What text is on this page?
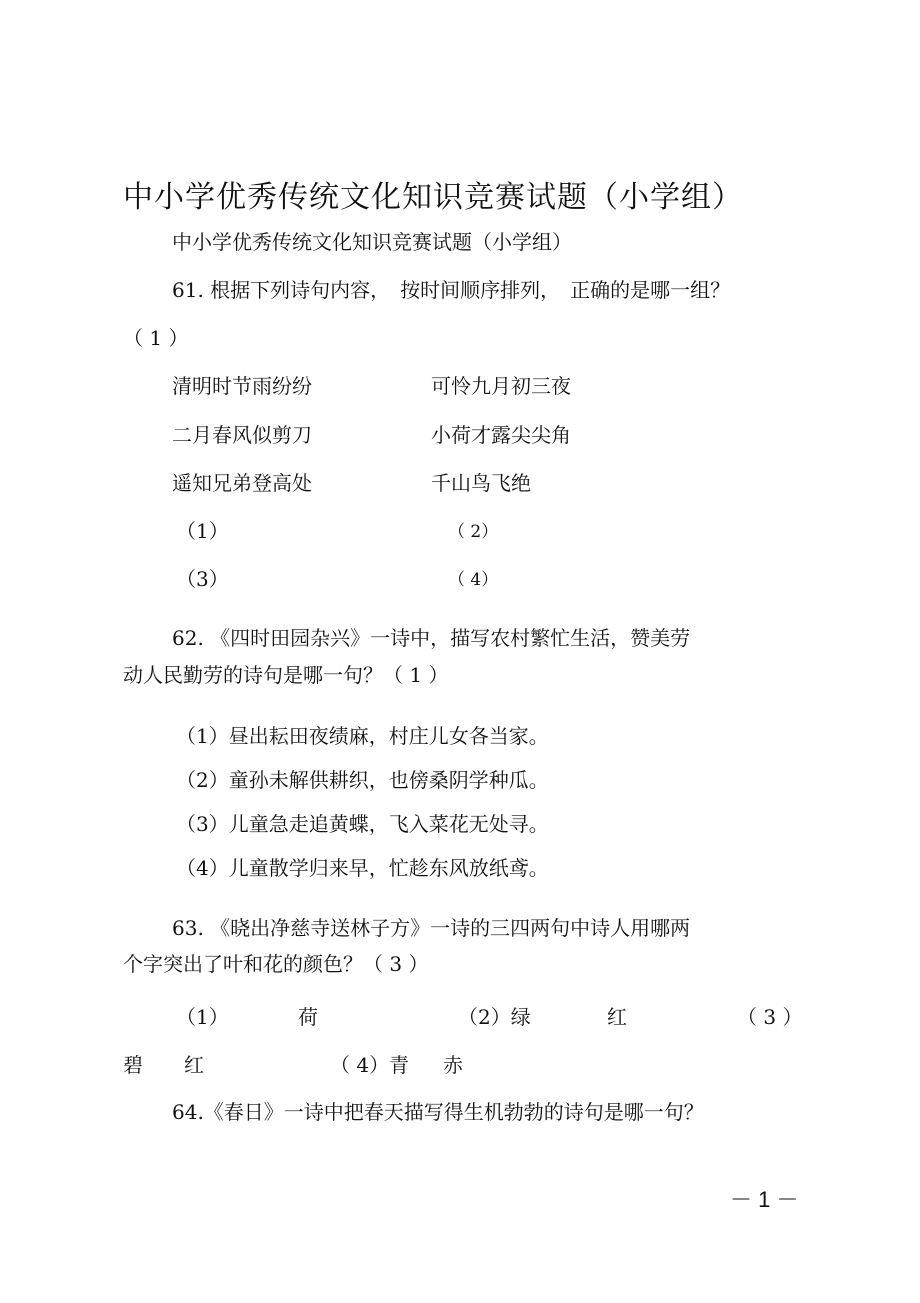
中小学优秀传统文化知识竞赛试题（小学组）
中小学优秀传统文化知识竞赛试题（小学组）
61. 根据下列诗句内容，　按时间顺序排列，　正确的是哪一组？
（ 1 ）
清明时节雨纷纷	可怜九月初三夜
二月春风似剪刀	小荷才露尖尖角
遥知兄弟登高处	千山鸟飞绝
（1）	（ 2）
（3）	（ 4）
62. 《四时田园杂兴》一诗中，描写农村繁忙生活，赞美劳
动人民勤劳的诗句是哪一句？（ 1 ）
（1）昼出耘田夜绩麻，村庄儿女各当家。
（2）童孙未解供耕织，也傍桑阴学种瓜。
（3）儿童急走追黄蝶，飞入菜花无处寻。
（4）儿童散学归来早，忙趁东风放纸鸢。
63. 《晓出净慈寺送林子方》一诗的三四两句中诗人用哪两
个字突出了叶和花的颜色？（ 3 ）
（1）	荷	（2）绿	红	（ 3 ）
碧 红	（ 4）青 赤
64.《春日》一诗中把春天描写得生机勃勃的诗句是哪一句？
－ 1 －
